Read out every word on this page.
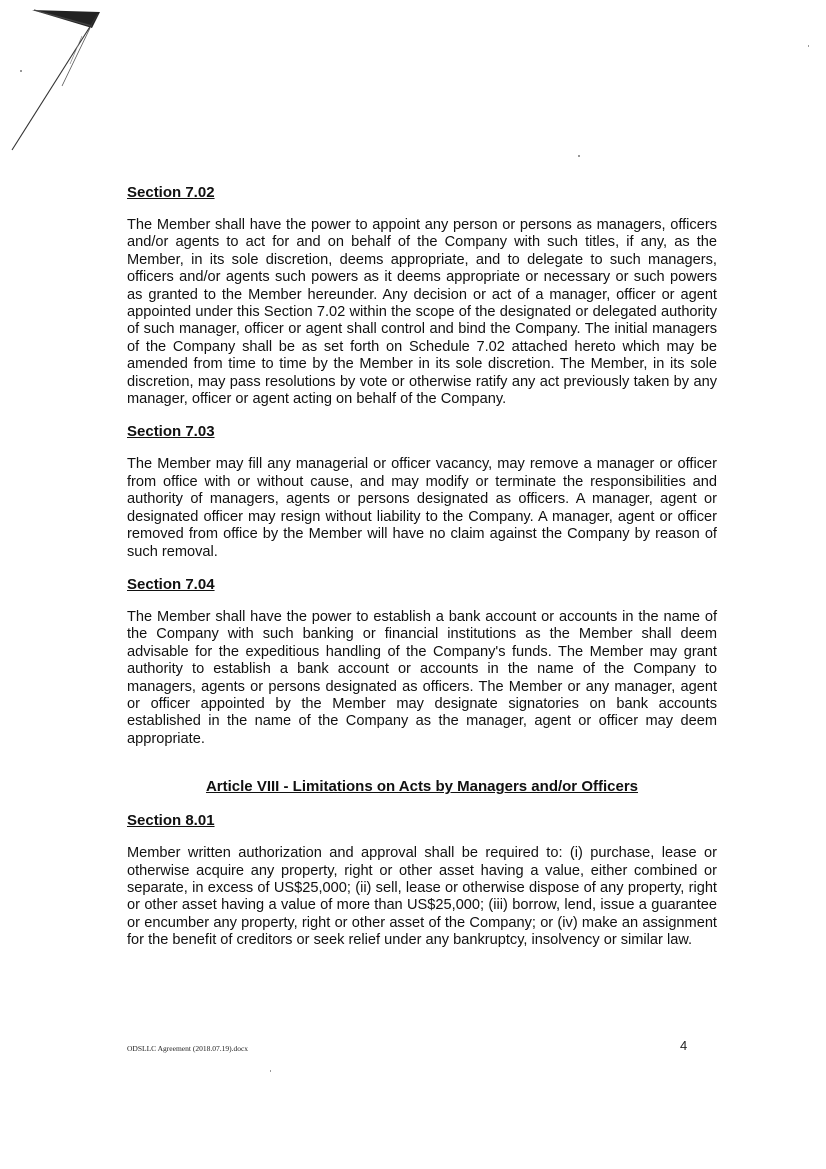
Section 7.02

The Member shall have the power to appoint any person or persons as managers, officers and/or agents to act for and on behalf of the Company with such titles, if any, as the Member, in its sole discretion, deems appropriate, and to delegate to such managers, officers and/or agents such powers as it deems appropriate or necessary or such powers as granted to the Member hereunder. Any decision or act of a manager, officer or agent appointed under this Section 7.02 within the scope of the designated or delegated authority of such manager, officer or agent shall control and bind the Company. The initial managers of the Company shall be as set forth on Schedule 7.02 attached hereto which may be amended from time to time by the Member in its sole discretion. The Member, in its sole discretion, may pass resolutions by vote or otherwise ratify any act previously taken by any manager, officer or agent acting on behalf of the Company.

Section 7.03

The Member may fill any managerial or officer vacancy, may remove a manager or officer from office with or without cause, and may modify or terminate the responsibilities and authority of managers, agents or persons designated as officers. A manager, agent or designated officer may resign without liability to the Company. A manager, agent or officer removed from office by the Member will have no claim against the Company by reason of such removal.

Section 7.04

The Member shall have the power to establish a bank account or accounts in the name of the Company with such banking or financial institutions as the Member shall deem advisable for the expeditious handling of the Company's funds. The Member may grant authority to establish a bank account or accounts in the name of the Company to managers, agents or persons designated as officers. The Member or any manager, agent or officer appointed by the Member may designate signatories on bank accounts established in the name of the Company as the manager, agent or officer may deem appropriate.

Article VIII - Limitations on Acts by Managers and/or Officers

Section 8.01

Member written authorization and approval shall be required to: (i) purchase, lease or otherwise acquire any property, right or other asset having a value, either combined or separate, in excess of US$25,000; (ii) sell, lease or otherwise dispose of any property, right or other asset having a value of more than US$25,000; (iii) borrow, lend, issue a guarantee or encumber any property, right or other asset of the Company; or (iv) make an assignment for the benefit of creditors or seek relief under any bankruptcy, insolvency or similar law.

ODSLLC Agreement (2018.07.19).docx	4
